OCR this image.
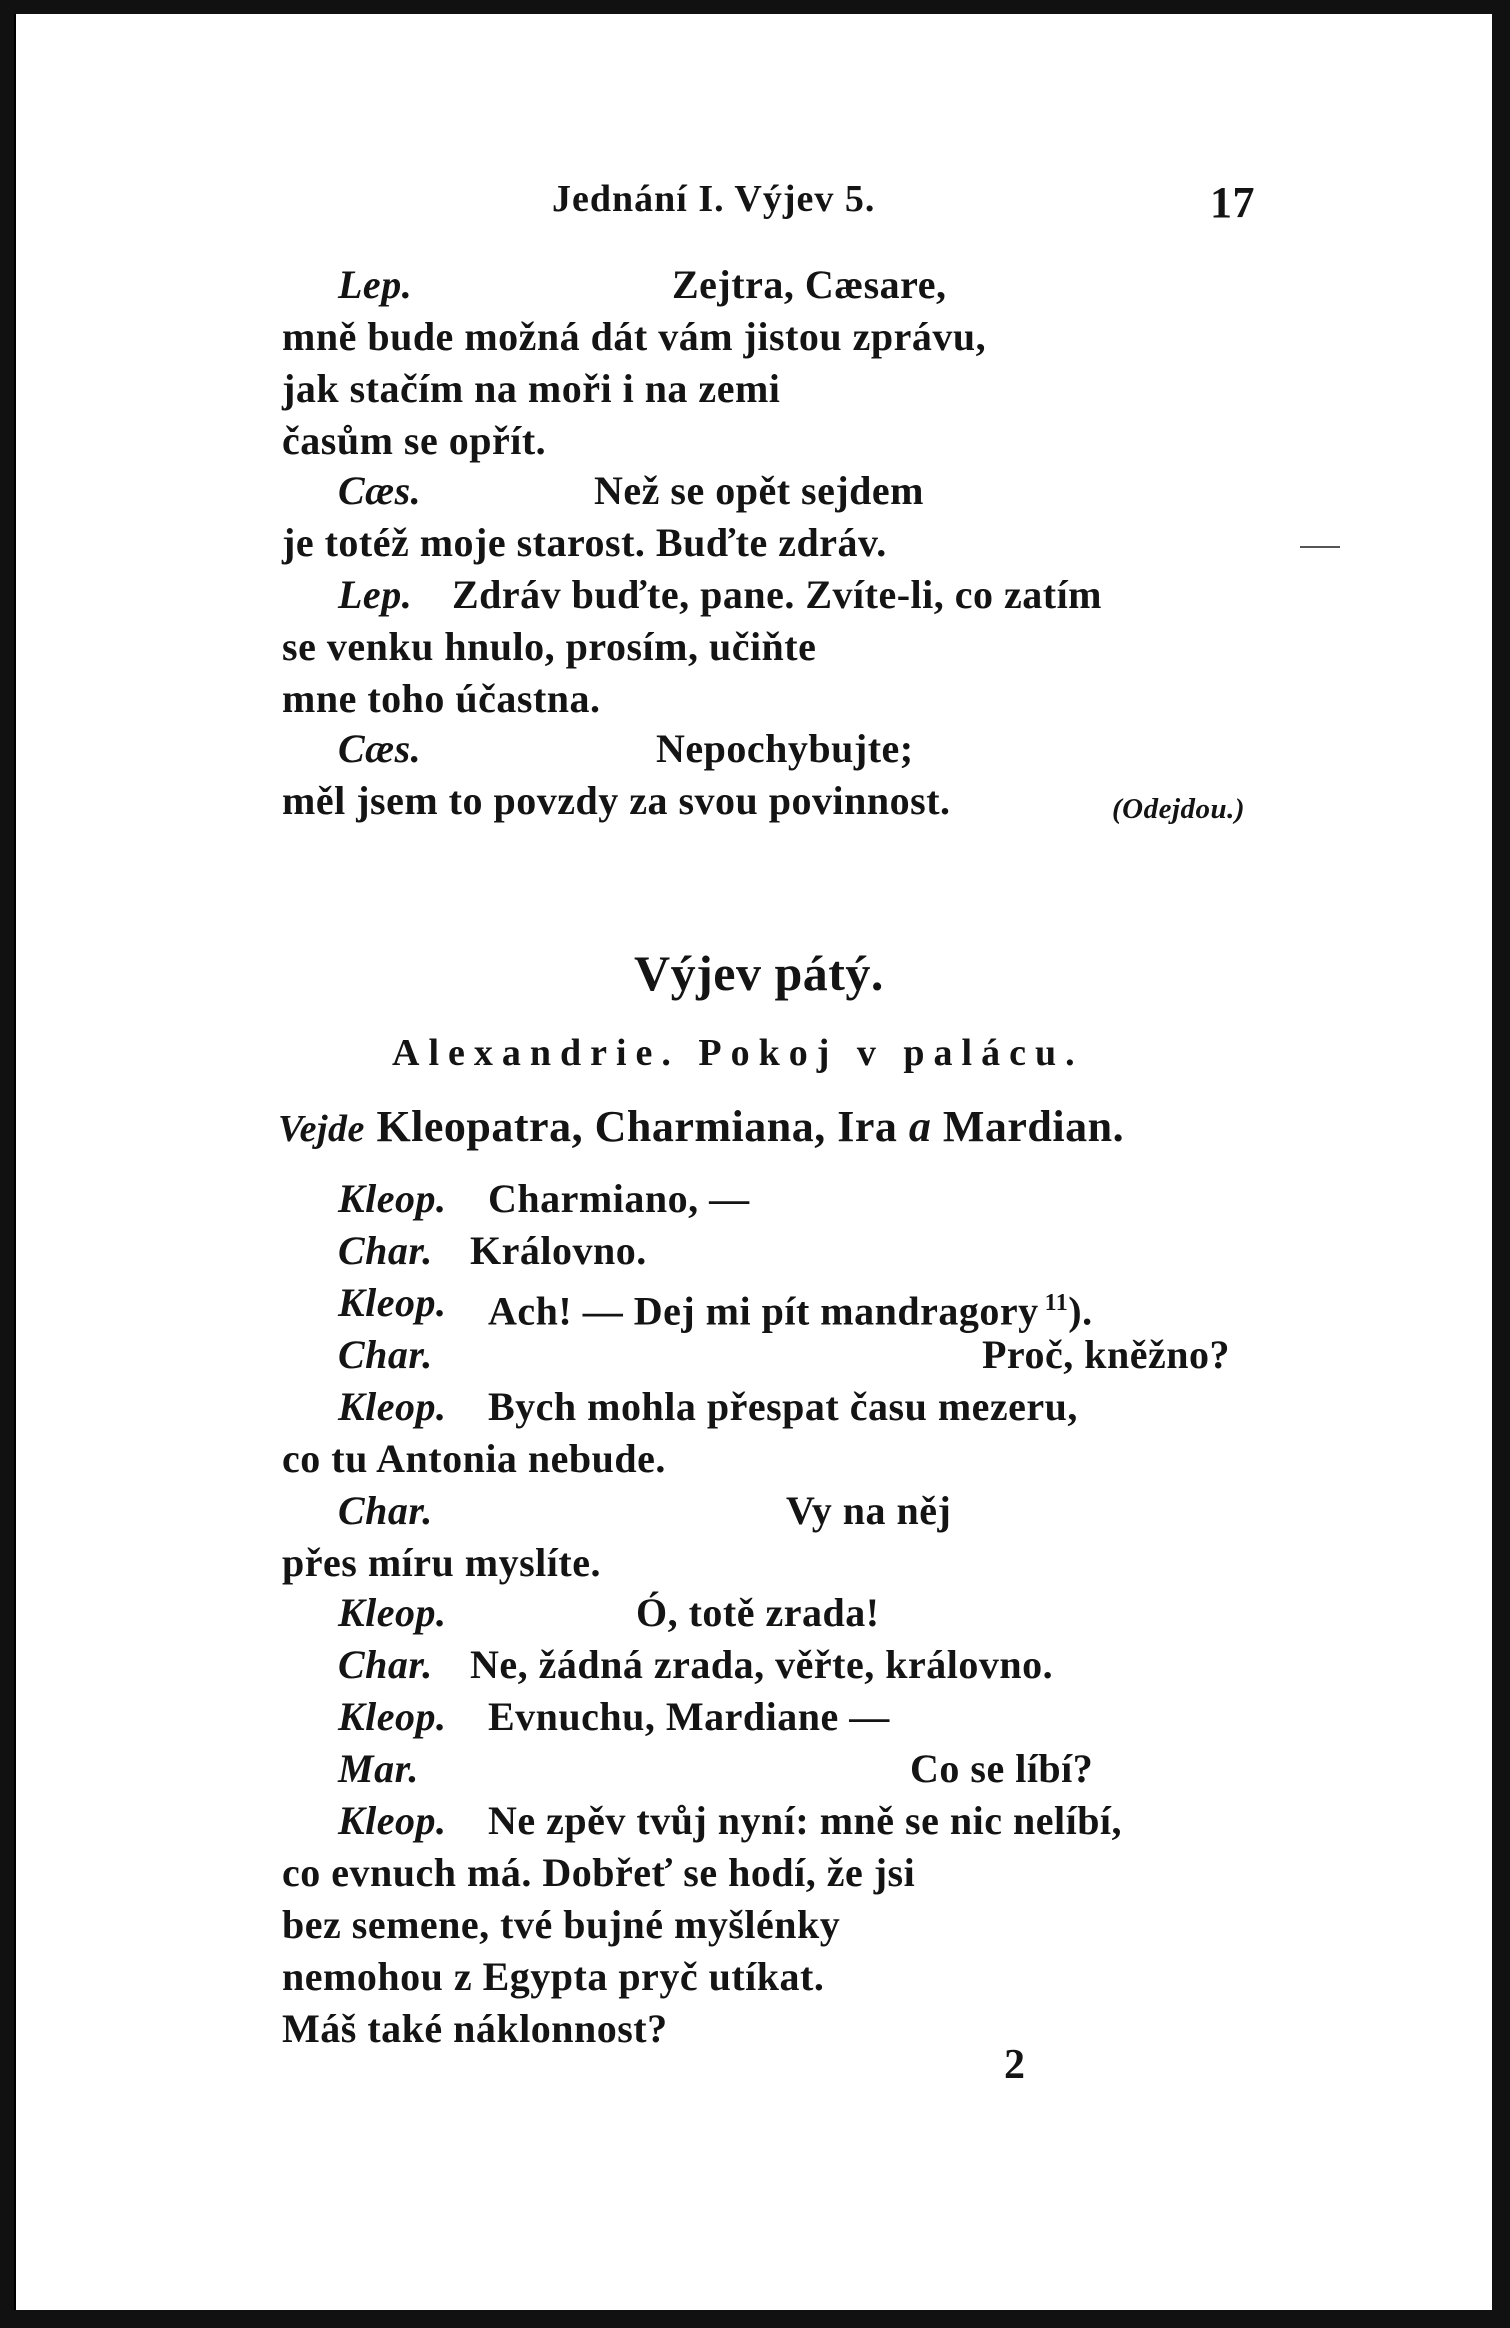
Jednání I. Výjev 5.	17
Lep.	Zejtra, Cæsare,
mně bude možná dát vám jistou zprávu,
jak stačím na moři i na zemi
časům se opřít.
Cæs.	Než se opět sejdem
je totéž moje starost. Buďte zdráv.
Lep. Zdráv buďte, pane. Zvíte-li, co zatím
se venku hnulo, prosím, učiňte
mne toho účastna.
Cæs.	Nepochybujte;
měl jsem to povzdy za svou povinnost.	(Odejdou.)
Výjev pátý.
Alexandrie. Pokoj v palácu.
Vejde Kleopatra, Charmiana, Ira a Mardian.
Kleop. Charmiano, —
Char. Královno.
Kleop. Ach! — Dej mi pít mandragory $^{11}$).
Char.	Proč, kněžno?
Kleop. Bych mohla přespat času mezeru,
co tu Antonia nebude.
Char.	Vy na něj
přes míru myslíte.
Kleop.	Ó, totě zrada!
Char. Ne, žádná zrada, věřte, královno.
Kleop. Evnuchu, Mardiane —
Mar.	Co se líbí?
Kleop. Ne zpěv tvůj nyní: mně se nic nelíbí,
co evnuch má. Dobřeť se hodí, že jsi
bez semene, tvé bujné myšlénky
nemohou z Egypta pryč utíkat.
Máš také náklonnost?
2
